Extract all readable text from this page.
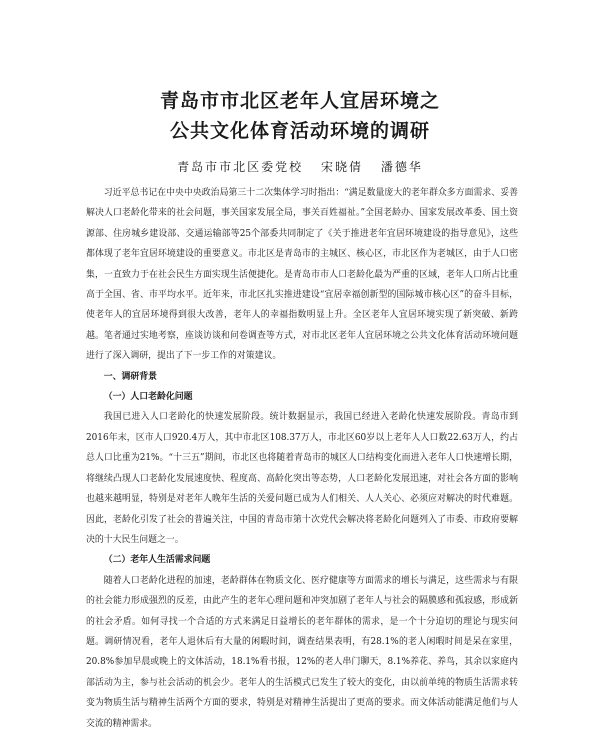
青岛市市北区老年人宜居环境之
公共文化体育活动环境的调研
青岛市市北区委党校 宋晓倩 潘德华

习近平总书记在中央中央政治局第三十二次集体学习时指出：“满足数量庞大的老年群众多方面需求、妥善解决人口老龄化带来的社会问题，事关国家发展全局，事关百姓福祉。”全国老龄办、国家发展改革委、国土资源部、住房城乡建设部、交通运输部等25个部委共同制定了《关于推进老年宜居环境建设的指导意见》，这些都体现了老年宜居环境建设的重要意义。市北区是青岛市的主城区、核心区，市北区作为老城区，由于人口密集，一直致力于在社会民生方面实现生活便捷化。是青岛市市人口老龄化最为严重的区域，老年人口所占比重高于全国、省、市平均水平。近年来，市北区扎实推进建设“宜居幸福创新型的国际城市核心区”的奋斗目标，使老年人的宜居环境得到很大改善，老年人的幸福指数明显上升。全区老年人宜居环境实现了新突破、新跨越。笔者通过实地考察，座谈访谈和问卷调查等方式，对市北区老年人宜居环境之公共文化体育活动环境问题进行了深入调研，提出了下一步工作的对策建议。

一、调研背景

（一）人口老龄化问题

我国已进入人口老龄化的快速发展阶段。统计数据显示，我国已经进入老龄化快速发展阶段。青岛市到2016年末，区市人口920.4万人，其中市北区108.37万人，市北区60岁以上老年人人口数22.63万人，约占总人口比重为21%。“十三五”期间，市北区也将随着青岛市的城区人口结构变化而进入老年人口快速增长期，将继续凸现人口老龄化发展速度快、程度高、高龄化突出等态势，人口老龄化发展迅速，对社会各方面的影响也越来越明显，特别是对老年人晚年生活的关爱问题已成为人们相关、人人关心、必须应对解决的时代难题。因此，老龄化引发了社会的普遍关注，中国的青岛市第十次党代会解决将老龄化问题列入了市委、市政府要解决的十大民生问题之一。

（二）老年人生活需求问题

随着人口老龄化进程的加速，老龄群体在物质文化、医疗健康等方面需求的增长与满足，这些需求与有限的社会能力形成强烈的反差，由此产生的老年心理问题和冲突加剧了老年人与社会的隔膜感和孤寂感，形成新的社会矛盾。如何寻找一个合适的方式来满足日益增长的老年群体的需求，是一个十分迫切的理论与现实问题。调研情况看，老年人退休后有大量的闲暇时间，调查结果表明，有28.1%的老人闲暇时间是呆在家里，20.8%参加早晨或晚上的文体活动，18.1%看书报，12%的老人串门聊天，8.1%养花、养鸟，其余以家庭内部活动为主，参与社会活动的机会少。老年人的生活模式已发生了较大的变化，由以前单纯的物质生活需求转变为物质生活与精神生活两个方面的要求，特别是对精神生活提出了更高的要求。而文体活动能满足他们与人交流的精神需求。
